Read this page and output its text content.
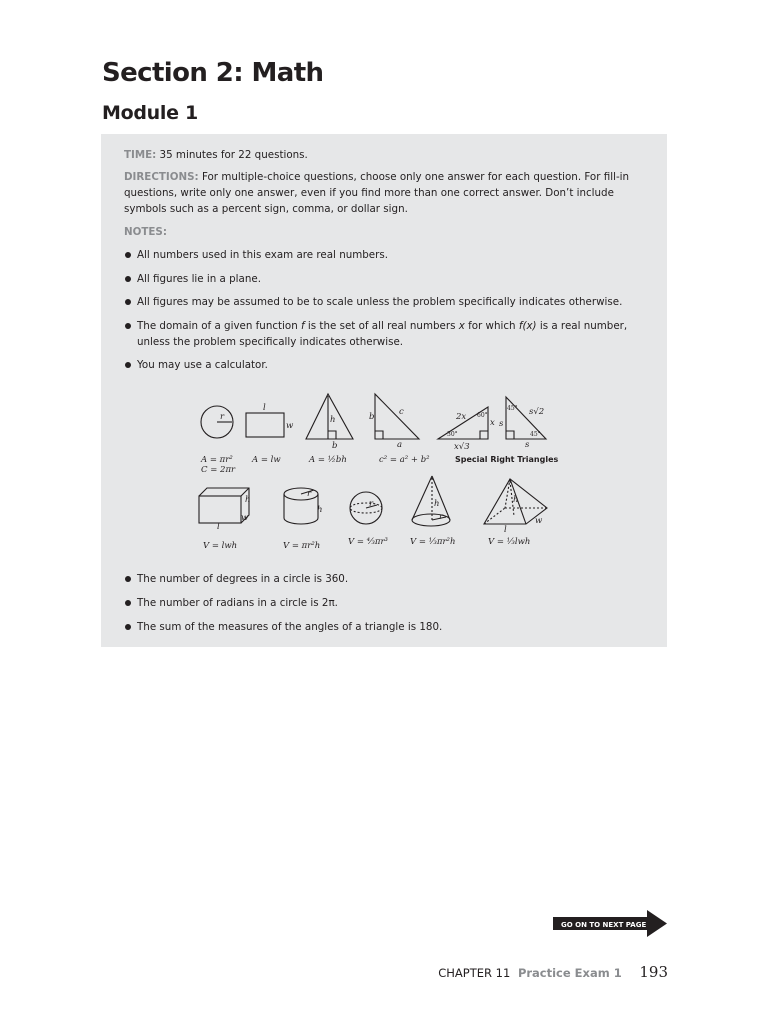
Section 2: Math
Module 1
TIME: 35 minutes for 22 questions.
DIRECTIONS: For multiple-choice questions, choose only one answer for each question. For fill-in questions, write only one answer, even if you find more than one correct answer. Don’t include symbols such as a percent sign, comma, or dollar sign.
NOTES:
All numbers used in this exam are real numbers.
All figures lie in a plane.
All figures may be assumed to be to scale unless the problem specifically indicates otherwise.
The domain of a given function f is the set of all real numbers x for which f(x) is a real number, unless the problem specifically indicates otherwise.
You may use a calculator.
r
l
w
h
b
b	c
a
2x
x
x√3
s
s
s√2
h
w
l
h
r
r	h
r
h
w
l
60°
30°
45°
45°
A = πr²
C = 2πr
A = lw	A = ½bh	c² = a² + b²
V = lwh	V = πr²h	V = ⁴⁄₃πr³	V = ⅓πr²h	V = ⅓lwh
Special Right Triangles
The number of degrees in a circle is 360.
The number of radians in a circle is 2π.
The sum of the measures of the angles of a triangle is 180.
GO ON TO NEXT PAGE
CHAPTER 11 Practice Exam 1 193
